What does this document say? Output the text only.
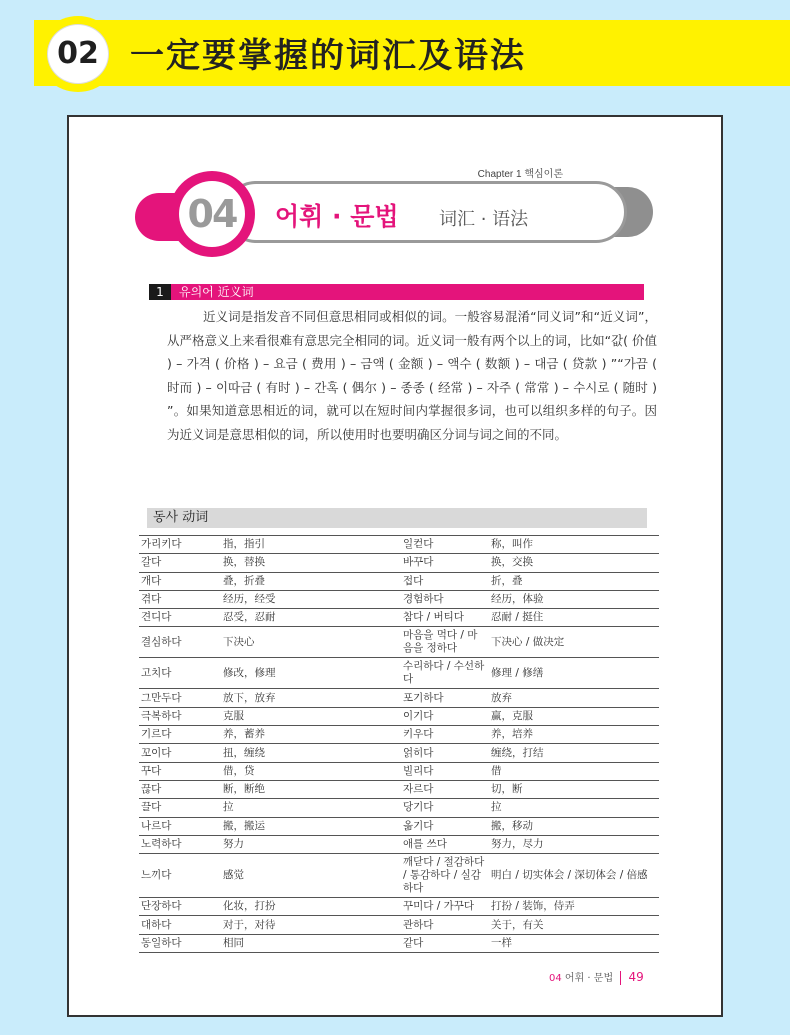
02 一定要掌握的词汇及语法
Chapter 1 핵심이론
04	어휘 · 문법 词汇 · 语法
1	유의어 近义词
近义词是指发音不同但意思相同或相似的词。一般容易混淆“同义词”和“近义词”，从严格意义上来看很难有意思完全相同的词。近义词一般有两个以上的词，比如“값( 价值 ) – 가격 ( 价格 ) – 요금 ( 费用 ) – 금액 ( 金额 ) – 액수 ( 数额 ) – 대금 ( 贷款 ) ”“가끔 ( 时而 ) – 이따금 ( 有时 ) – 간혹 ( 偶尔 ) – 종종 ( 经常 ) – 자주 ( 常常 ) – 수시로 ( 随时 ) ”。如果知道意思相近的词，就可以在短时间内掌握很多词，也可以组织多样的句子。因为近义词是意思相似的词，所以使用时也要明确区分词与词之间的不同。
동사 动词
가리키다	指，指引	일컫다	称，叫作
갈다	换，替换	바꾸다	换，交换
개다	叠，折叠	접다	折，叠
겪다	经历，经受	경험하다	经历，体验
견디다	忍受，忍耐	참다 / 버티다	忍耐 / 挺住
결심하다	下决心	마음을 먹다 / 마음을 정하다	下决心 / 做决定
고치다	修改，修理	수리하다 / 수선하다	修理 / 修缮
그만두다	放下，放弃	포기하다	放弃
극복하다	克服	이기다	赢，克服
기르다	养，蓄养	키우다	养，培养
꼬이다	扭，缠绕	얽히다	缠绕，打结
꾸다	借，贷	빌리다	借
끊다	断，断绝	자르다	切，断
끌다	拉	당기다	拉
나르다	搬，搬运	옮기다	搬，移动
노력하다	努力	애를 쓰다	努力，尽力
느끼다	感觉	깨닫다 / 절감하다 / 통감하다 / 실감하다	明白 / 切实体会 / 深切体会 / 倍感
단장하다	化妆，打扮	꾸미다 / 가꾸다	打扮 / 装饰，侍弄
대하다	对于，对待	관하다	关于，有关
동일하다	相同	같다	一样
04 어휘 · 문법 49
